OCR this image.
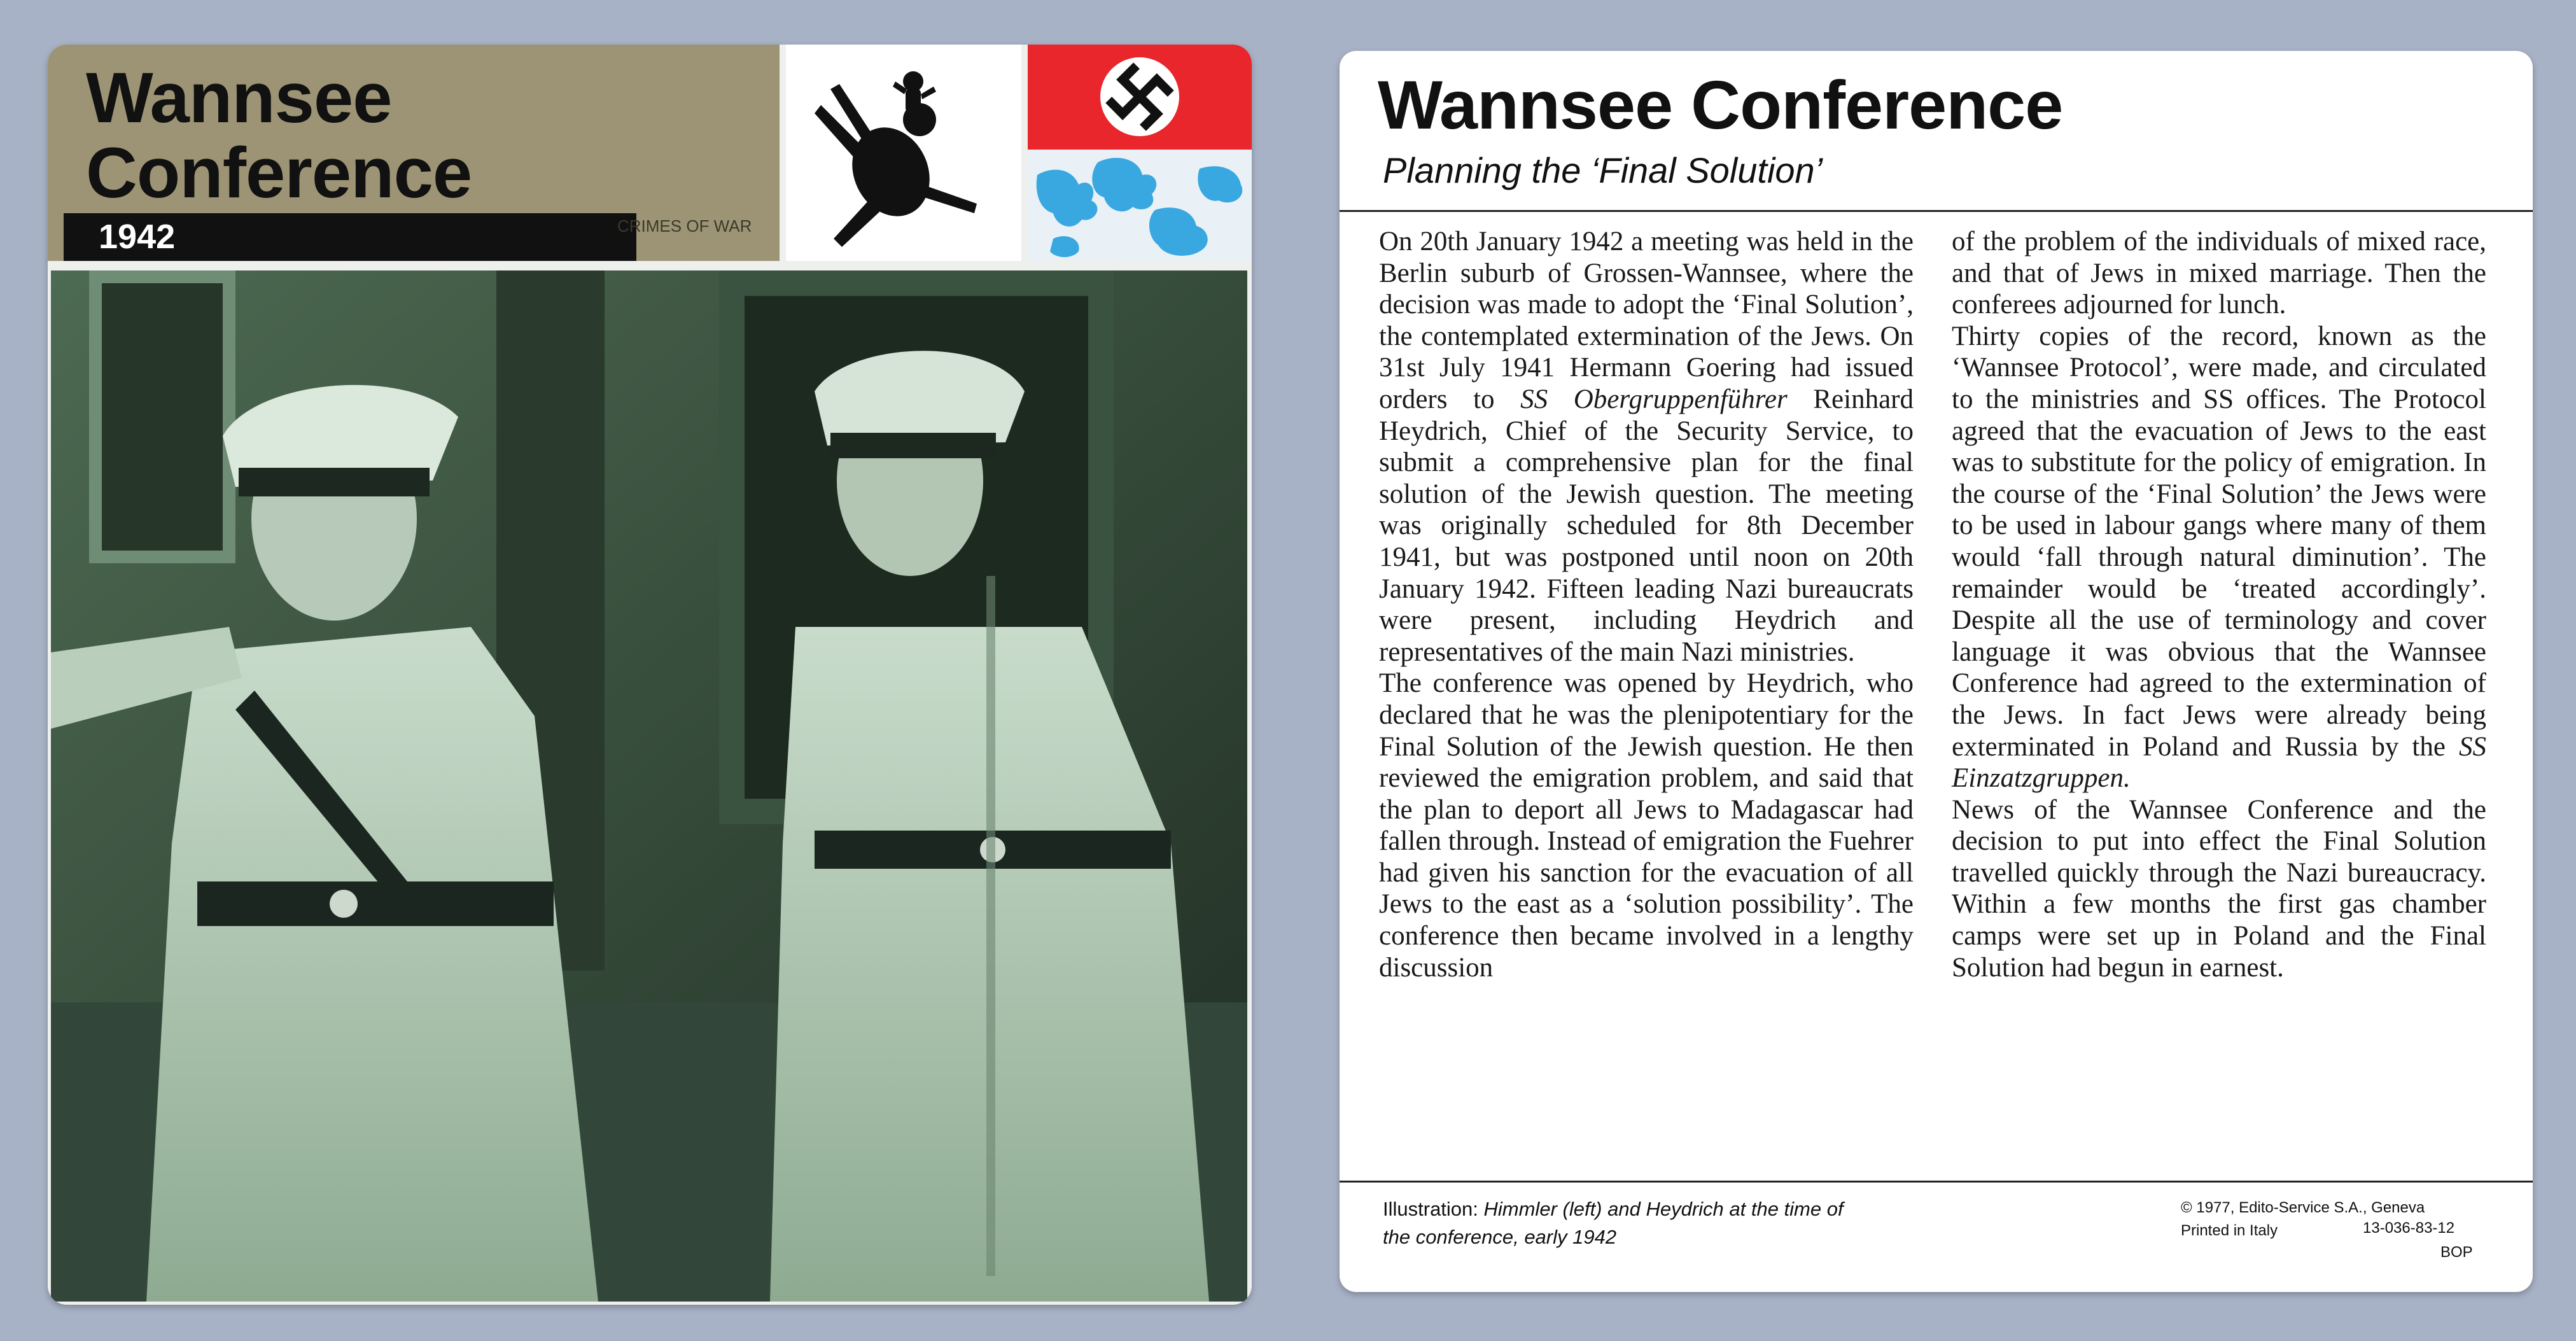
Wannsee
Conference
1942	CRIMES OF WAR
Wannsee Conference
Planning the ‘Final Solution’

On 20th January 1942 a meeting was held in the Berlin suburb of Grossen-Wannsee, where the decision was made to adopt the ‘Final Solution’, the contemplated extermination of the Jews. On 31st July 1941 Hermann Goering had issued orders to SS Obergruppenführer Reinhard Heydrich, Chief of the Security Service, to submit a comprehensive plan for the final solution of the Jewish question. The meeting was originally scheduled for 8th December 1941, but was postponed until noon on 20th January 1942. Fifteen leading Nazi bureaucrats were present, including Heydrich and representatives of the main Nazi ministries.

The conference was opened by Heydrich, who declared that he was the plenipotentiary for the Final Solution of the Jewish question. He then reviewed the emigration problem, and said that the plan to deport all Jews to Madagascar had fallen through. Instead of emigration the Fuehrer had given his sanction for the evacuation of all Jews to the east as a ‘solution possibility’. The conference then became involved in a lengthy discussion

of the problem of the individuals of mixed race, and that of Jews in mixed marriage. Then the conferees adjourned for lunch.

Thirty copies of the record, known as the ‘Wannsee Protocol’, were made, and circulated to the ministries and SS offices. The Protocol agreed that the evacuation of Jews to the east was to substitute for the policy of emigration. In the course of the ‘Final Solution’ the Jews were to be used in labour gangs where many of them would ‘fall through natural diminution’. The remainder would be ‘treated accordingly’. Despite all the use of terminology and cover language it was obvious that the Wannsee Conference had agreed to the extermination of the Jews. In fact Jews were already being exterminated in Poland and Russia by the SS Einzatzgruppen.

News of the Wannsee Conference and the decision to put into effect the Final Solution travelled quickly through the Nazi bureaucracy. Within a few months the first gas chamber camps were set up in Poland and the Final Solution had begun in earnest.

Illustration: Himmler (left) and Heydrich at the time of
the conference, early 1942
© 1977, Edito-Service S.A., Geneva
Printed in Italy	13-036-83-12
BOP
